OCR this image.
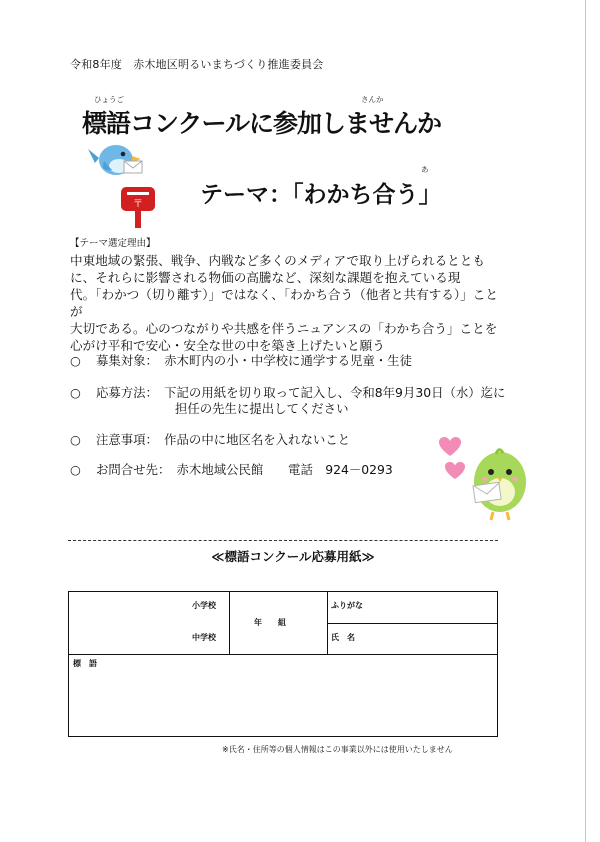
令和8年度　赤木地区明るいまちづくり推進委員会
ひょうご	さんか
標語コンクールに参加しませんか
〒
あ
テーマ：「わかち合う」
【テーマ選定理由】
中東地域の緊張、戦争、内戦など多くのメディアで取り上げられるととも
に、それらに影響される物価の高騰など、深刻な課題を抱えている現
代。「わかつ（切り離す）」ではなく、「わかち合う（他者と共有する）」ことが
大切である。心のつながりや共感を伴うニュアンスの「わかち合う」ことを
心がけ平和で安心・安全な世の中を築き上げたいと願う
○ 募集対象：　赤木町内の小・中学校に通学する児童・生徒
○ 応募方法：　下記の用紙を切り取って記入し、令和8年9月30日（水）迄に
担任の先生に提出してください
○ 注意事項：　作品の中に地区名を入れないこと
○ お問合せ先：　赤木地域公民館　　電話　924－0293
≪標語コンクール応募用紙≫
小学校
中学校
年　　組
ふりがな
氏　名
標　語
※氏名・住所等の個人情報はこの事業以外には使用いたしません
